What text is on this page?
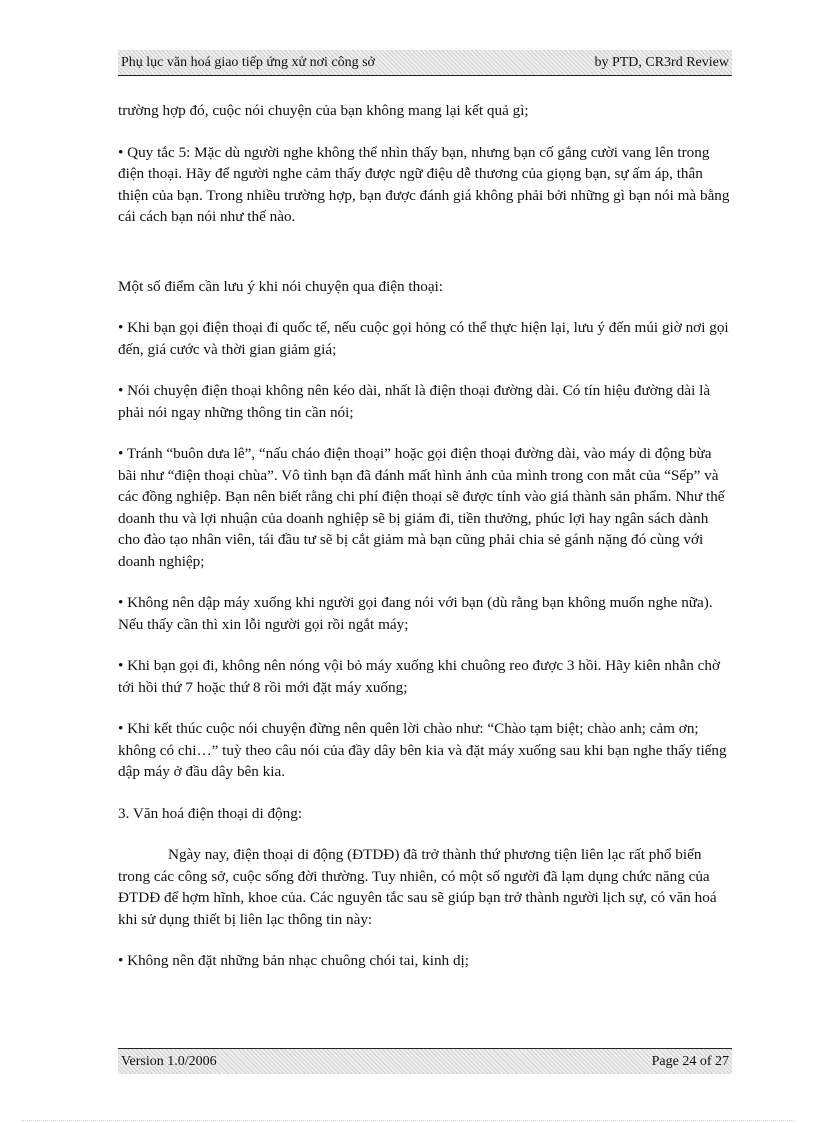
Phụ lục văn hoá giao tiếp ứng xử nơi công sở	by PTD, CR3rd Review

trường hợp đó, cuộc nói chuyện của bạn không mang lại kết quả gì;

• Quy tắc 5: Mặc dù người nghe không thể nhìn thấy bạn, nhưng bạn cố gắng cười vang lên trong điện thoại. Hãy để người nghe cảm thấy được ngữ điệu dễ thương của giọng bạn, sự ấm áp, thân thiện của bạn. Trong nhiều trường hợp, bạn được đánh giá không phải bởi những gì bạn nói mà bằng cái cách bạn nói như thế nào.

Một số điểm cần lưu ý khi nói chuyện qua điện thoại:

• Khi bạn gọi điện thoại đi quốc tế, nếu cuộc gọi hỏng có thể thực hiện lại, lưu ý đến múi giờ nơi gọi đến, giá cước và thời gian giảm giá;

• Nói chuyện điện thoại không nên kéo dài, nhất là điện thoại đường dài. Có tín hiệu đường dài là phải nói ngay những thông tin cần nói;

• Tránh “buôn dưa lê”, “nấu cháo điện thoại” hoặc gọi điện thoại đường dài, vào máy di động bừa bãi như “điện thoại chùa”. Vô tình bạn đã đánh mất hình ảnh của mình trong con mắt của “Sếp” và các đồng nghiệp. Bạn nên biết rằng chi phí điện thoại sẽ được tính vào giá thành sản phẩm. Như thế doanh thu và lợi nhuận của doanh nghiệp sẽ bị giảm đi, tiền thưởng, phúc lợi hay ngân sách dành cho đào tạo nhân viên, tái đầu tư sẽ bị cắt giảm mà bạn cũng phải chia sẻ gánh nặng đó cùng với doanh nghiệp;

• Không nên dập máy xuống khi người gọi đang nói với bạn (dù rằng bạn không muốn nghe nữa). Nếu thấy cần thì xin lỗi người gọi rồi ngắt máy;

• Khi bạn gọi đi, không nên nóng vội bỏ máy xuống khi chuông reo được 3 hồi. Hãy kiên nhẫn chờ tới hồi thứ 7 hoặc thứ 8 rồi mới đặt máy xuống;

• Khi kết thúc cuộc nói chuyện đừng nên quên lời chào như: “Chào tạm biệt; chào anh; cảm ơn; không có chi…” tuỳ theo câu nói của đầy dây bên kia và đặt máy xuống sau khi bạn nghe thấy tiếng dập máy ở đầu dây bên kia.

3. Văn hoá điện thoại di động:

Ngày nay, điện thoại di động (ĐTDĐ) đã trở thành thứ phương tiện liên lạc rất phổ biến trong các công sở, cuộc sống đời thường. Tuy nhiên, có một số người đã lạm dụng chức năng của ĐTDĐ để hợm hĩnh, khoe của. Các nguyên tắc sau sẽ giúp bạn trở thành người lịch sự, có văn hoá khi sử dụng thiết bị liên lạc thông tin này:

• Không nên đặt những bản nhạc chuông chói tai, kinh dị;

Version 1.0/2006	Page 24 of 27
